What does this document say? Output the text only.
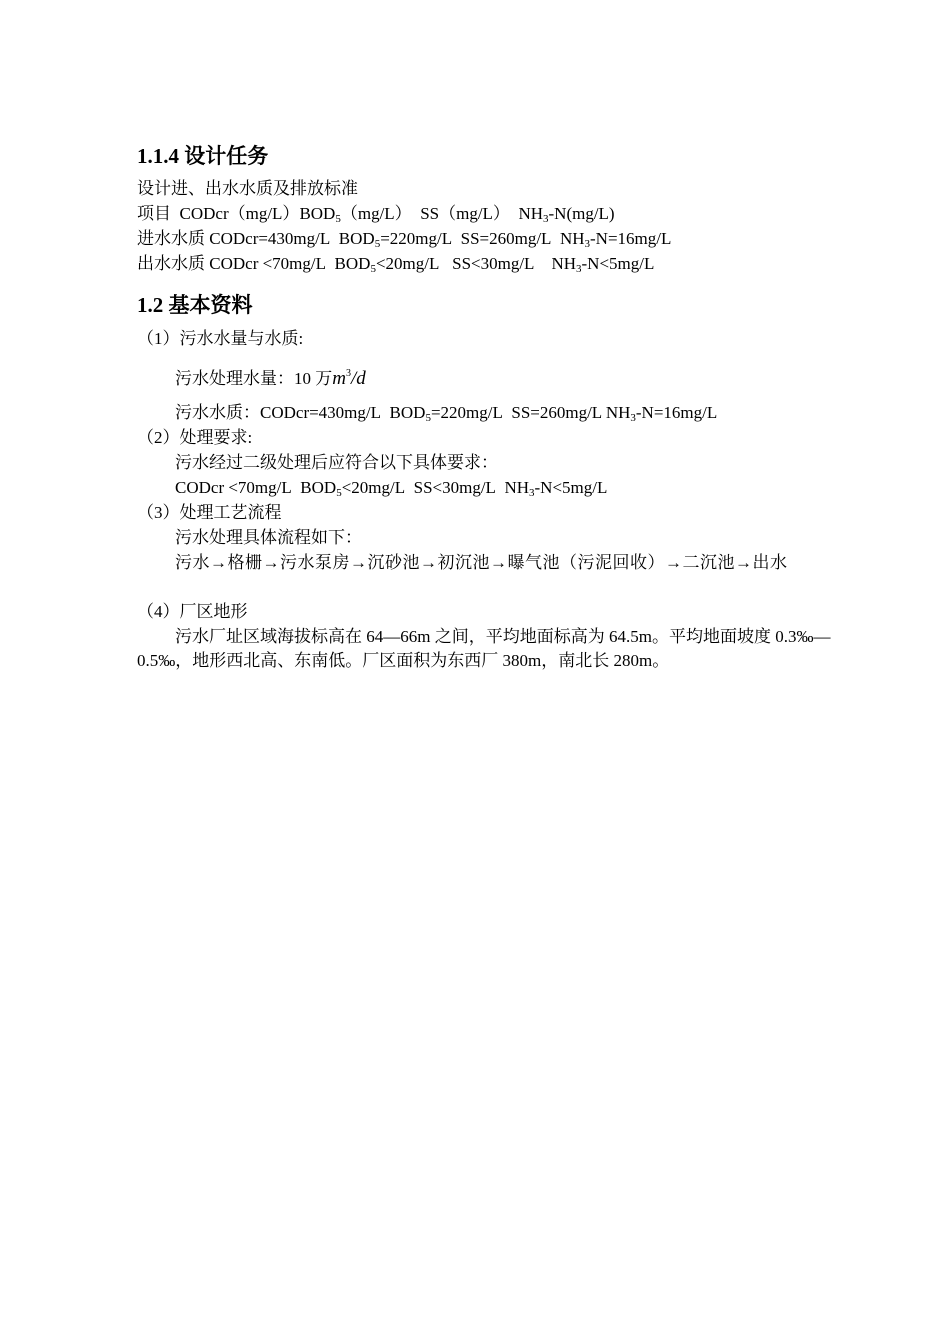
1.1.4 设计任务
设计进、出水水质及排放标准
项目 $CODcr(mg/L)BOD_5(mg/L)$ SS（mg/L） $NH_3-N(mg/L)$
进水水质 CODcr=430mg/L $BOD_5=220mg/L$ SS=260mg/L $NH_3-N=16mg/L$
出水水质 CODcr <70mg/L $BOD_5<20mg/L$ SS<30mg/L $NH_3-N<5mg/L$
1.2 基本资料
（1）污水水量与水质:
污水处理水量：10 万$m^3/d$
污水水质：CODcr=430mg/L $BOD_5=220mg/L$ SS=260mg/L $NH_3-N=16mg/L$
（2）处理要求:
污水经过二级处理后应符合以下具体要求：
CODcr <70mg/L $BOD_5<20mg/L$ SS<30mg/L $NH_3-N<5mg/L$
（3）处理工艺流程
污水处理具体流程如下：

污水→格栅→污水泵房→沉砂池→初沉池→曝气池（污泥回收）→二沉池→出水

（4）厂区地形

污水厂址区域海拔标高在 64—66m 之间，平均地面标高为 64.5m。平均地面坡度 0.3‰—0.5‰，地形西北高、东南低。厂区面积为东西厂 380m，南北长 280m。
